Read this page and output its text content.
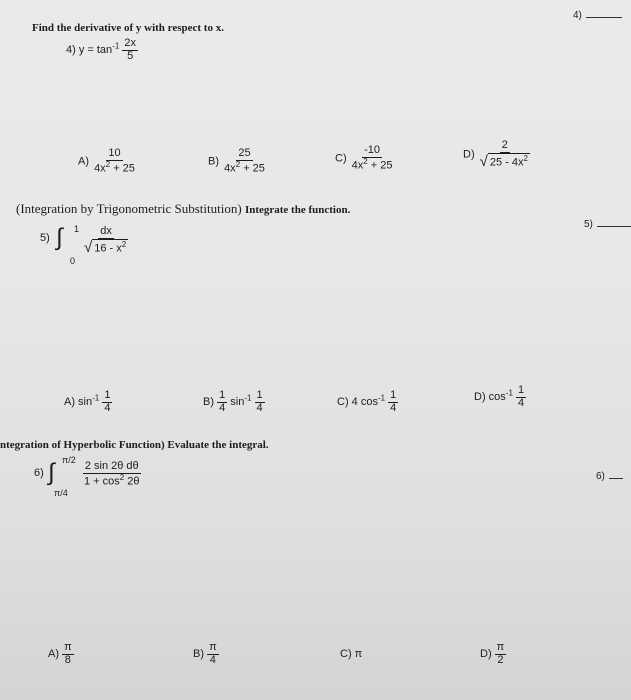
4)
Find the derivative of y with respect to x.
4) $y = \tan^{-1} \frac{2x}{5}$
$A) \frac{10}{4x^2 + 25}$	$B) \frac{25}{4x^2 + 25}$	$C) \frac{-10}{4x^2 + 25}$	$D) \frac{2}{√ 25 - 4x^2}$
(Integration by Trigonometric Substitution) Integrate the function.
5)
5) ∫ 1
0
$\frac{dx}{√ 16 - x^2}$
A) $\sin^{-1} \frac{1}{4}$	$B) \frac{1}{4} \sin^{-1} \frac{1}{4}$	C) 4 $\cos^{-1} \frac{1}{4}$	D) $\cos^{-1} \frac{1}{4}$
ntegration of Hyperbolic Function) Evaluate the integral.
6)
6) ∫ π/2
π/4
$\frac{\text{2 sin 2θ dθ}}{1 + \cos^2 2\theta}$
$A) \frac{\pi}{8}$	$B) \frac{\pi}{4}$	C) π	$D) \frac{\pi}{2}$
